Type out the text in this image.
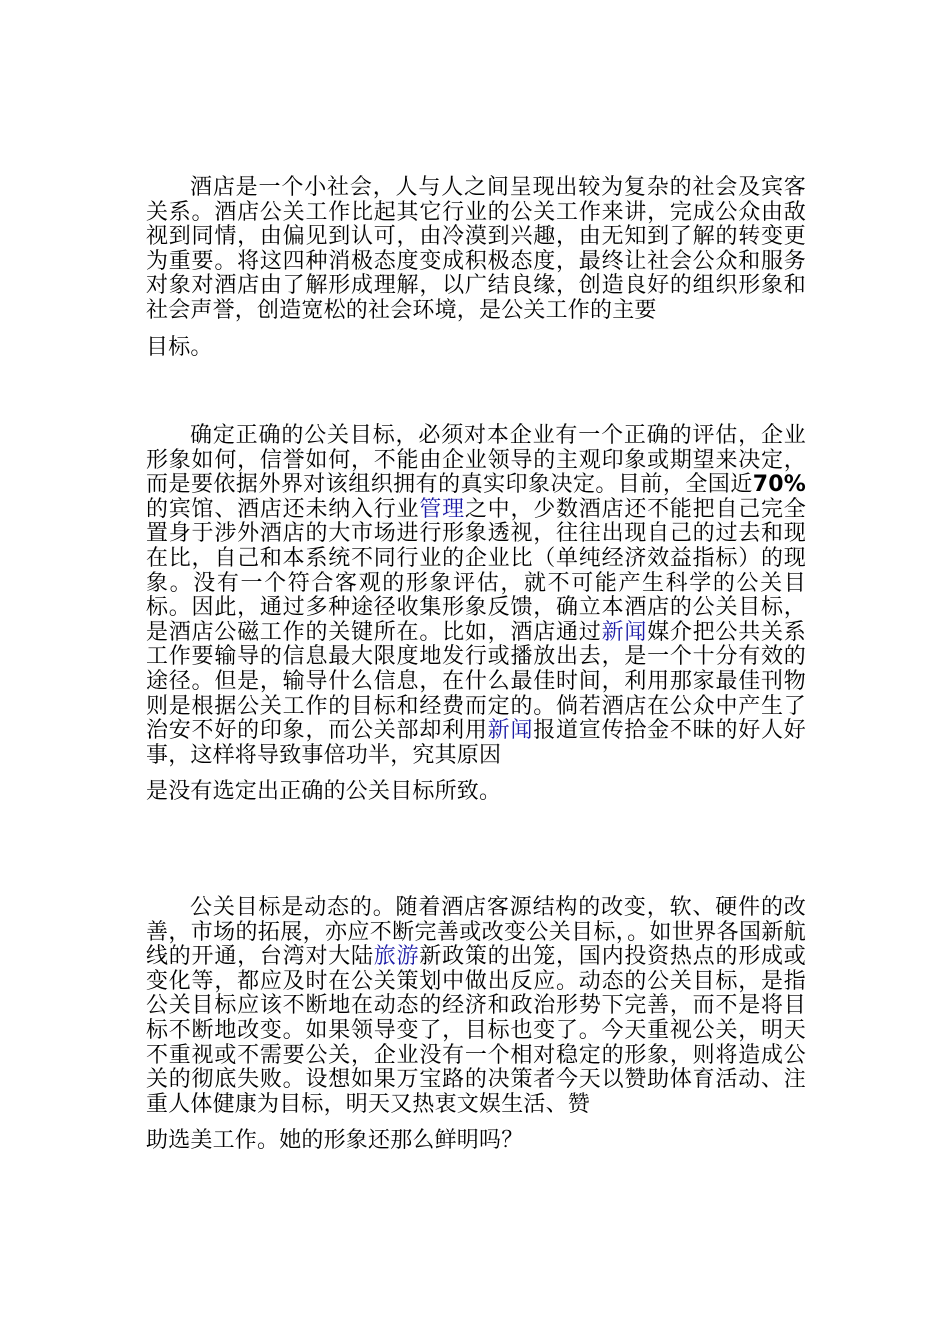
酒店是一个小社会，人与人之间呈现出较为复杂的社会及宾客关系。酒店公关工作比起其它行业的公关工作来讲，完成公众由敌视到同情，由偏见到认可，由冷漠到兴趣，由无知到了解的转变更为重要。将这四种消极态度变成积极态度，最终让社会公众和服务对象对酒店由了解形成理解，以广结良缘，创造良好的组织形象和社会声誉，创造宽松的社会环境，是公关工作的主要
目标。

确定正确的公关目标，必须对本企业有一个正确的评估，企业形象如何，信誉如何，不能由企业领导的主观印象或期望来决定，而是要依据外界对该组织拥有的真实印象决定。目前，全国近70%的宾馆、酒店还未纳入行业管理之中，少数酒店还不能把自己完全置身于涉外酒店的大市场进行形象透视，往往出现自己的过去和现在比，自己和本系统不同行业的企业比（单纯经济效益指标）的现象。没有一个符合客观的形象评估，就不可能产生科学的公关目标。因此，通过多种途径收集形象反馈，确立本酒店的公关目标，是酒店公磁工作的关键所在。比如，酒店通过新闻媒介把公共关系工作要输导的信息最大限度地发行或播放出去，是一个十分有效的途径。但是，输导什么信息，在什么最佳时间，利用那家最佳刊物则是根据公关工作的目标和经费而定的。倘若酒店在公众中产生了治安不好的印象，而公关部却利用新闻报道宣传拾金不昧的好人好事，这样将导致事倍功半，究其原因
是没有选定出正确的公关目标所致。

公关目标是动态的。随着酒店客源结构的改变，软、硬件的改善，市场的拓展，亦应不断完善或改变公关目标，。如世界各国新航线的开通，台湾对大陆旅游新政策的出笼，国内投资热点的形成或变化等，都应及时在公关策划中做出反应。动态的公关目标，是指公关目标应该不断地在动态的经济和政治形势下完善，而不是将目标不断地改变。如果领导变了，目标也变了。今天重视公关，明天不重视或不需要公关，企业没有一个相对稳定的形象，则将造成公关的彻底失败。设想如果万宝路的决策者今天以赞助体育活动、注重人体健康为目标，明天又热衷文娱生活、赞
助选美工作。她的形象还那么鲜明吗？
